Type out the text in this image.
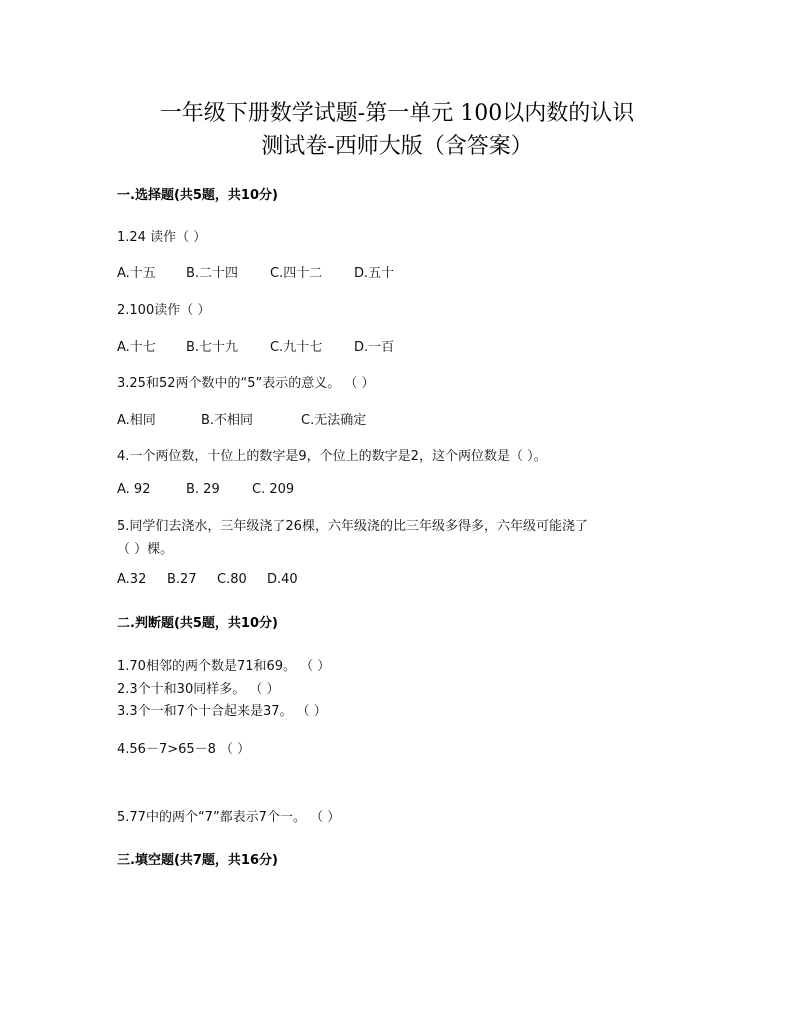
一年级下册数学试题-第一单元 100以内数的认识
测试卷-西师大版（含答案）
一.选择题(共5题，共10分)
1.24 读作（ ）
A.十五 B.二十四 C.四十二 D.五十
2.100读作（ ）
A.十七 B.七十九 C.九十七 D.一百
3.25和52两个数中的“5”表示的意义。 （ ）
A.相同	B.不相同	C.无法确定
4.一个两位数，十位上的数字是9，个位上的数字是2，这个两位数是（ ）。
A. 92	B. 29 C. 209
5.同学们去浇水，三年级浇了26棵，六年级浇的比三年级多得多，六年级可能浇了
（ ）棵。
A.32 B.27 C.80 D.40
二.判断题(共5题，共10分)
1.70相邻的两个数是71和69。 （ ）
2.3个十和30同样多。 （ ）
3.3个一和7个十合起来是37。 （ ）
4.56－7>65－8 （ ）
5.77中的两个“7”都表示7个一。 （ ）
三.填空题(共7题，共16分)
